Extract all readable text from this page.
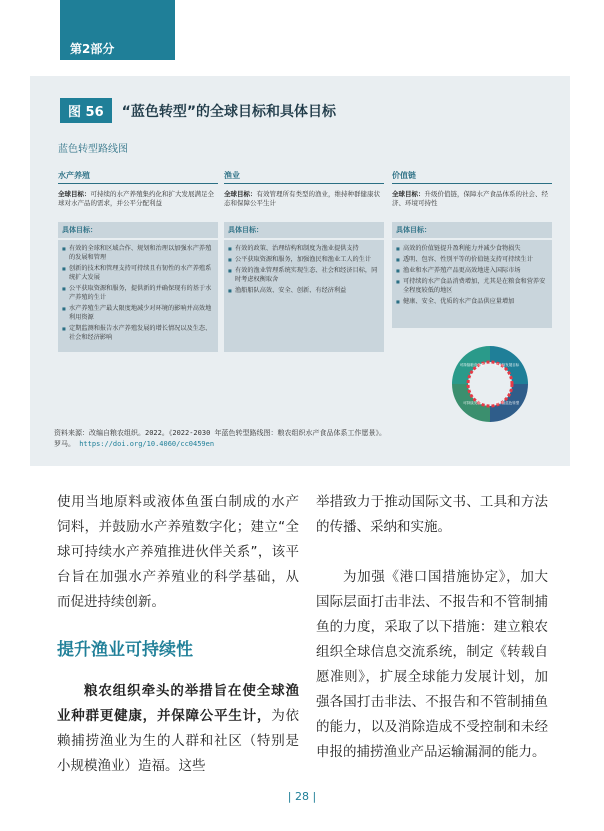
第2部分
图 56	“蓝色转型”的全球目标和具体目标
蓝色转型路线图
水产养殖
全球目标：可持续的水产养殖集约化和扩大发展满足全球对水产品的需求，并公平分配利益
具体目标：
■ 有效的全球和区域合作、规划和治理以加强水产养殖的发展和管理
■ 创新的技术和管理支持可持续且有韧性的水产养殖系统扩大发展
■ 公平获取资源和服务，提供新的并确保现有的基于水产养殖的生计
■ 水产养殖生产最大限度地减少对环境的影响并高效地利用资源
■ 定期监测和报告水产养殖发展的增长情况以及生态、社会和经济影响
渔业
全球目标：有效管理所有类型的渔业，维持种群健康状态和保障公平生计
具体目标：
■ 有效的政策、治理结构和制度为渔业提供支持
■ 公平获取资源和服务，加强渔民和渔业工人的生计
■ 有效的渔业管理系统实现生态、社会和经济目标，同时考虑权衡取舍
■ 渔船船队高效、安全、创新、有经济利益
价值链
全球目标：升级价值链，保障水产食品体系的社会、经济、环境可持性
具体目标：
■ 高效的价值链提升盈利能力并减少食物损失
■ 透明、包容、性别平等的价值链支持可持续生计
■ 渔业和水产养殖产品更高效地进入国际市场
■ 可持续的水产食品消费增加，尤其是在粮食和营养安全程度较低的地区
■ 健康、安全、优质的水产食品供应量增加
可持续发展目标
可持续粮食体系
可持续发展	可持续蓝色转型
资料来源：改编自粮农组织。2022。《2022-2030 年蓝色转型路线图：粮农组织水产食品体系工作愿景》。
罗马。 https://doi.org/10.4060/cc0459en

使用当地原料或液体鱼蛋白制成的水产饲料，并鼓励水产养殖数字化；建立“全球可持续水产养殖推进伙伴关系”，该平台旨在加强水产养殖业的科学基础，从而促进持续创新。

提升渔业可持续性

粮农组织牵头的举措旨在使全球渔业种群更健康，并保障公平生计，为依赖捕捞渔业为生的人群和社区（特别是小规模渔业）造福。这些

举措致力于推动国际文书、工具和方法的传播、采纳和实施。

为加强《港口国措施协定》，加大国际层面打击非法、不报告和不管制捕鱼的力度，采取了以下措施：建立粮农组织全球信息交流系统，制定《转载自愿准则》，扩展全球能力发展计划，加强各国打击非法、不报告和不管制捕鱼的能力，以及消除造成不受控制和未经申报的捕捞渔业产品运输漏洞的能力。

| 28 |
